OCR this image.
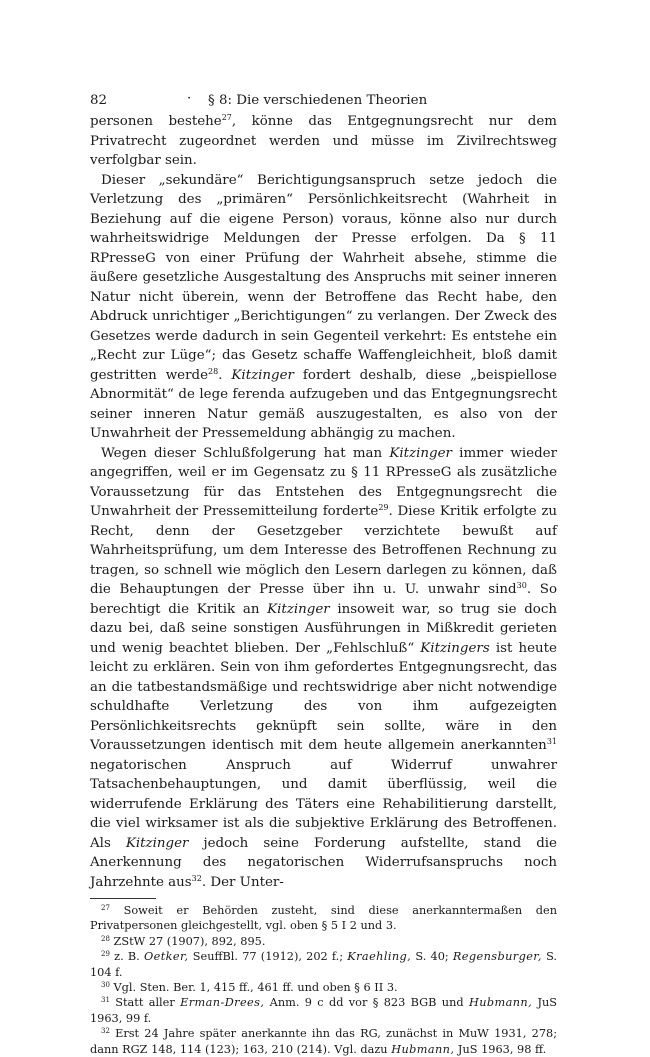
82	· § 8: Die verschiedenen Theorien

personen bestehe$^{27}$, könne das Entgegnungsrecht nur dem Privatrecht zugeordnet werden und müsse im Zivilrechtsweg verfolgbar sein.

Dieser „sekundäre“ Berichtigungsanspruch setze jedoch die Verletzung des „primären“ Persönlichkeitsrecht (Wahrheit in Beziehung auf die eigene Person) voraus, könne also nur durch wahrheitswidrige Meldungen der Presse erfolgen. Da § 11 RPresseG von einer Prüfung der Wahrheit absehe, stimme die äußere gesetzliche Ausgestaltung des Anspruchs mit seiner inneren Natur nicht überein, wenn der Betroffene das Recht habe, den Abdruck unrichtiger „Berichtigungen“ zu verlangen. Der Zweck des Gesetzes werde dadurch in sein Gegenteil verkehrt: Es entstehe ein „Recht zur Lüge“; das Gesetz schaffe Waffengleichheit, bloß damit gestritten werde$^{28}$. Kitzinger fordert deshalb, diese „beispiellose Abnormität“ de lege ferenda aufzugeben und das Entgegnungsrecht seiner inneren Natur gemäß auszugestalten, es also von der Unwahrheit der Pressemeldung abhängig zu machen.

Wegen dieser Schlußfolgerung hat man Kitzinger immer wieder angegriffen, weil er im Gegensatz zu § 11 RPresseG als zusätzliche Voraussetzung für das Entstehen des Entgegnungsrecht die Unwahrheit der Pressemitteilung forderte$^{29}$. Diese Kritik erfolgte zu Recht, denn der Gesetzgeber verzichtete bewußt auf Wahrheitsprüfung, um dem Interesse des Betroffenen Rechnung zu tragen, so schnell wie möglich den Lesern darlegen zu können, daß die Behauptungen der Presse über ihn u. U. unwahr sind$^{30}$. So berechtigt die Kritik an Kitzinger insoweit war, so trug sie doch dazu bei, daß seine sonstigen Ausführungen in Mißkredit gerieten und wenig beachtet blieben. Der „Fehlschluß“ Kitzingers ist heute leicht zu erklären. Sein von ihm gefordertes Entgegnungsrecht, das an die tatbestandsmäßige und rechtswidrige aber nicht notwendige schuldhafte Verletzung des von ihm aufgezeigten Persönlichkeitsrechts geknüpft sein sollte, wäre in den Voraussetzungen identisch mit dem heute allgemein anerkannten$^{31}$ negatorischen Anspruch auf Widerruf unwahrer Tatsachenbehauptungen, und damit überflüssig, weil die widerrufende Erklärung des Täters eine Rehabilitierung darstellt, die viel wirksamer ist als die subjektive Erklärung des Betroffenen. Als Kitzinger jedoch seine Forderung aufstellte, stand die Anerkennung des negatorischen Widerrufsanspruchs noch Jahrzehnte aus$^{32}$. Der Unter-

$^{27}$ Soweit er Behörden zusteht, sind diese anerkanntermaßen den Privatpersonen gleichgestellt, vgl. oben § 5 I 2 und 3.

$^{28}$ ZStW 27 (1907), 892, 895.

$^{29}$ z. B. Oetker, SeuffBl. 77 (1912), 202 f.; Kraehling, S. 40; Regensburger, S. 104 f.

$^{30}$ Vgl. Sten. Ber. 1, 415 ff., 461 ff. und oben § 6 II 3.

$^{31}$ Statt aller Erman-Drees, Anm. 9 c dd vor § 823 BGB und Hubmann, JuS 1963, 99 f.

$^{32}$ Erst 24 Jahre später anerkannte ihn das RG, zunächst in MuW 1931, 278; dann RGZ 148, 114 (123); 163, 210 (214). Vgl. dazu Hubmann, JuS 1963, 98 ff.
